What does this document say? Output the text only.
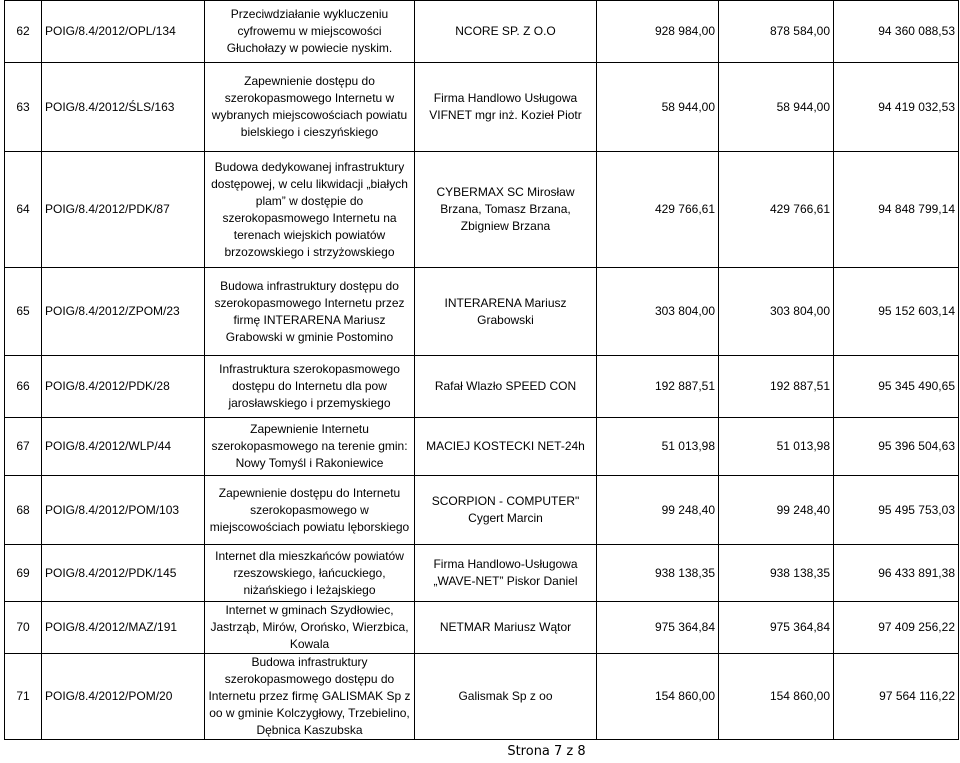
62	POIG/8.4/2012/OPL/134	Przeciwdziałanie wykluczeniu cyfrowemu w miejscowości Głuchołazy w powiecie nyskim.	NCORE SP. Z O.O	928 984,00	878 584,00	94 360 088,53
63	POIG/8.4/2012/ŚLS/163	Zapewnienie dostępu do szerokopasmowego Internetu w wybranych miejscowościach powiatu bielskiego i cieszyńskiego	Firma Handlowo Usługowa VIFNET mgr inż. Kozieł Piotr	58 944,00	58 944,00	94 419 032,53
64	POIG/8.4/2012/PDK/87	Budowa dedykowanej infrastruktury dostępowej, w celu likwidacji „białych plam” w dostępie do szerokopasmowego Internetu na terenach wiejskich powiatów brzozowskiego i strzyżowskiego	CYBERMAX SC Mirosław Brzana, Tomasz Brzana, Zbigniew Brzana	429 766,61	429 766,61	94 848 799,14
65	POIG/8.4/2012/ZPOM/23	Budowa infrastruktury dostępu do szerokopasmowego Internetu przez firmę INTERARENA Mariusz Grabowski w gminie Postomino	INTERARENA Mariusz Grabowski	303 804,00	303 804,00	95 152 603,14
66	POIG/8.4/2012/PDK/28	Infrastruktura szerokopasmowego dostępu do Internetu dla pow jarosławskiego i przemyskiego	Rafał Wlazło SPEED CON	192 887,51	192 887,51	95 345 490,65
67	POIG/8.4/2012/WLP/44	Zapewnienie Internetu szerokopasmowego na terenie gmin: Nowy Tomyśl i Rakoniewice	MACIEJ KOSTECKI NET-24h	51 013,98	51 013,98	95 396 504,63
68	POIG/8.4/2012/POM/103	Zapewnienie dostępu do Internetu szerokopasmowego w miejscowościach powiatu lęborskiego	SCORPION - COMPUTER" Cygert Marcin	99 248,40	99 248,40	95 495 753,03
69	POIG/8.4/2012/PDK/145	Internet dla mieszkańców powiatów rzeszowskiego, łańcuckiego, niżańskiego i leżajskiego	Firma Handlowo-Usługowa „WAVE-NET” Piskor Daniel	938 138,35	938 138,35	96 433 891,38
70	POIG/8.4/2012/MAZ/191	Internet w gminach Szydłowiec, Jastrząb, Mirów, Orońsko, Wierzbica, Kowala	NETMAR Mariusz Wątor	975 364,84	975 364,84	97 409 256,22
71	POIG/8.4/2012/POM/20	Budowa infrastruktury szerokopasmowego dostępu do Internetu przez firmę GALISMAK Sp z oo w gminie Kolczygłowy, Trzebielino, Dębnica Kaszubska	Galismak Sp z oo	154 860,00	154 860,00	97 564 116,22
Strona 7 z 8
